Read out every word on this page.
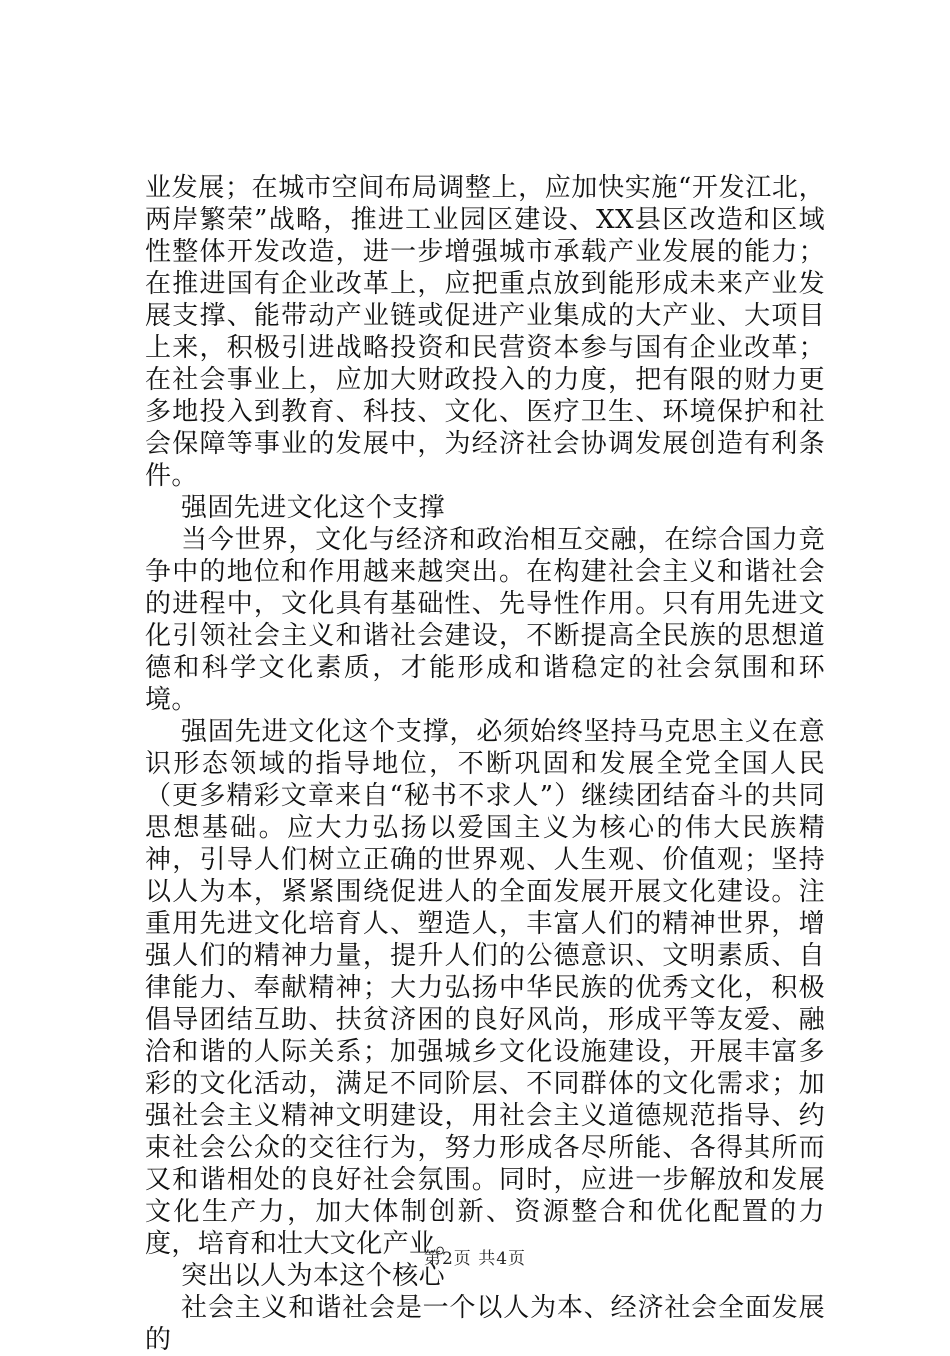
业发展；在城市空间布局调整上，应加快实施“开发江北，两岸繁荣”战略，推进工业园区建设、XX县区改造和区域性整体开发改造，进一步增强城市承载产业发展的能力；在推进国有企业改革上，应把重点放到能形成未来产业发展支撑、能带动产业链或促进产业集成的大产业、大项目上来，积极引进战略投资和民营资本参与国有企业改革；在社会事业上，应加大财政投入的力度，把有限的财力更多地投入到教育、科技、文化、医疗卫生、环境保护和社会保障等事业的发展中，为经济社会协调发展创造有利条件。

强固先进文化这个支撑

当今世界，文化与经济和政治相互交融，在综合国力竞争中的地位和作用越来越突出。在构建社会主义和谐社会的进程中，文化具有基础性、先导性作用。只有用先进文化引领社会主义和谐社会建设，不断提高全民族的思想道德和科学文化素质，才能形成和谐稳定的社会氛围和环境。

强固先进文化这个支撑，必须始终坚持马克思主义在意识形态领域的指导地位，不断巩固和发展全党全国人民（更多精彩文章来自“秘书不求人”）继续团结奋斗的共同思想基础。应大力弘扬以爱国主义为核心的伟大民族精神，引导人们树立正确的世界观、人生观、价值观；坚持以人为本，紧紧围绕促进人的全面发展开展文化建设。注重用先进文化培育人、塑造人，丰富人们的精神世界，增强人们的精神力量，提升人们的公德意识、文明素质、自律能力、奉献精神；大力弘扬中华民族的优秀文化，积极倡导团结互助、扶贫济困的良好风尚，形成平等友爱、融洽和谐的人际关系；加强城乡文化设施建设，开展丰富多彩的文化活动，满足不同阶层、不同群体的文化需求；加强社会主义精神文明建设，用社会主义道德规范指导、约束社会公众的交往行为，努力形成各尽所能、各得其所而又和谐相处的良好社会氛围。同时，应进一步解放和发展文化生产力，加大体制创新、资源整合和优化配置的力度，培育和壮大文化产业。

突出以人为本这个核心

社会主义和谐社会是一个以人为本、经济社会全面发展的

第2页 共4页
